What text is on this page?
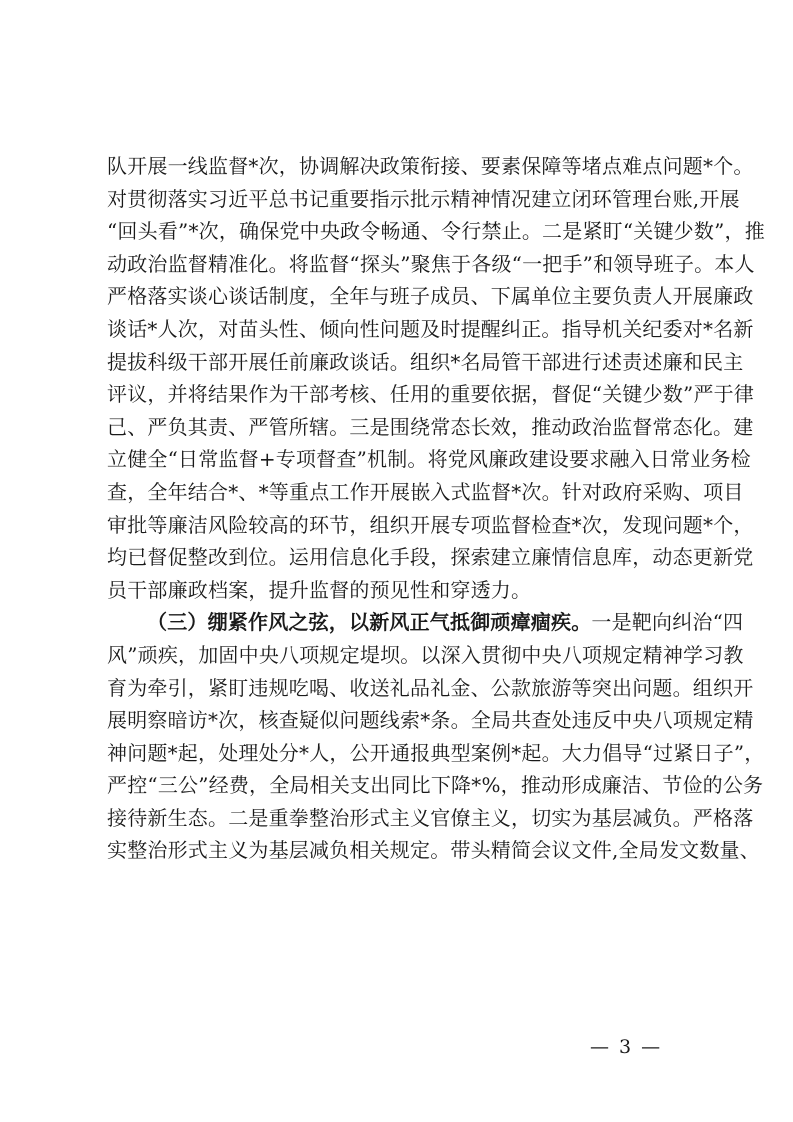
队开展一线监督*次，协调解决政策衔接、要素保障等堵点难点问题*个。
对贯彻落实习近平总书记重要指示批示精神情况建立闭环管理台账,开展
“回头看”*次，确保党中央政令畅通、令行禁止。二是紧盯“关键少数”，推
动政治监督精准化。将监督“探头”聚焦于各级“一把手”和领导班子。本人
严格落实谈心谈话制度，全年与班子成员、下属单位主要负责人开展廉政
谈话*人次，对苗头性、倾向性问题及时提醒纠正。指导机关纪委对*名新
提拔科级干部开展任前廉政谈话。组织*名局管干部进行述责述廉和民主
评议，并将结果作为干部考核、任用的重要依据，督促“关键少数”严于律
己、严负其责、严管所辖。三是围绕常态长效，推动政治监督常态化。建
立健全“日常监督+专项督查”机制。将党风廉政建设要求融入日常业务检
查，全年结合*、*等重点工作开展嵌入式监督*次。针对政府采购、项目
审批等廉洁风险较高的环节，组织开展专项监督检查*次，发现问题*个，
均已督促整改到位。运用信息化手段，探索建立廉情信息库，动态更新党
员干部廉政档案，提升监督的预见性和穿透力。
（三）绷紧作风之弦，以新风正气抵御顽瘴痼疾。一是靶向纠治“四
风”顽疾，加固中央八项规定堤坝。以深入贯彻中央八项规定精神学习教
育为牵引，紧盯违规吃喝、收送礼品礼金、公款旅游等突出问题。组织开
展明察暗访*次，核查疑似问题线索*条。全局共查处违反中央八项规定精
神问题*起，处理处分*人，公开通报典型案例*起。大力倡导“过紧日子”，
严控“三公”经费，全局相关支出同比下降*%，推动形成廉洁、节俭的公务
接待新生态。二是重拳整治形式主义官僚主义，切实为基层减负。严格落
实整治形式主义为基层减负相关规定。带头精简会议文件,全局发文数量、
— 3 —
